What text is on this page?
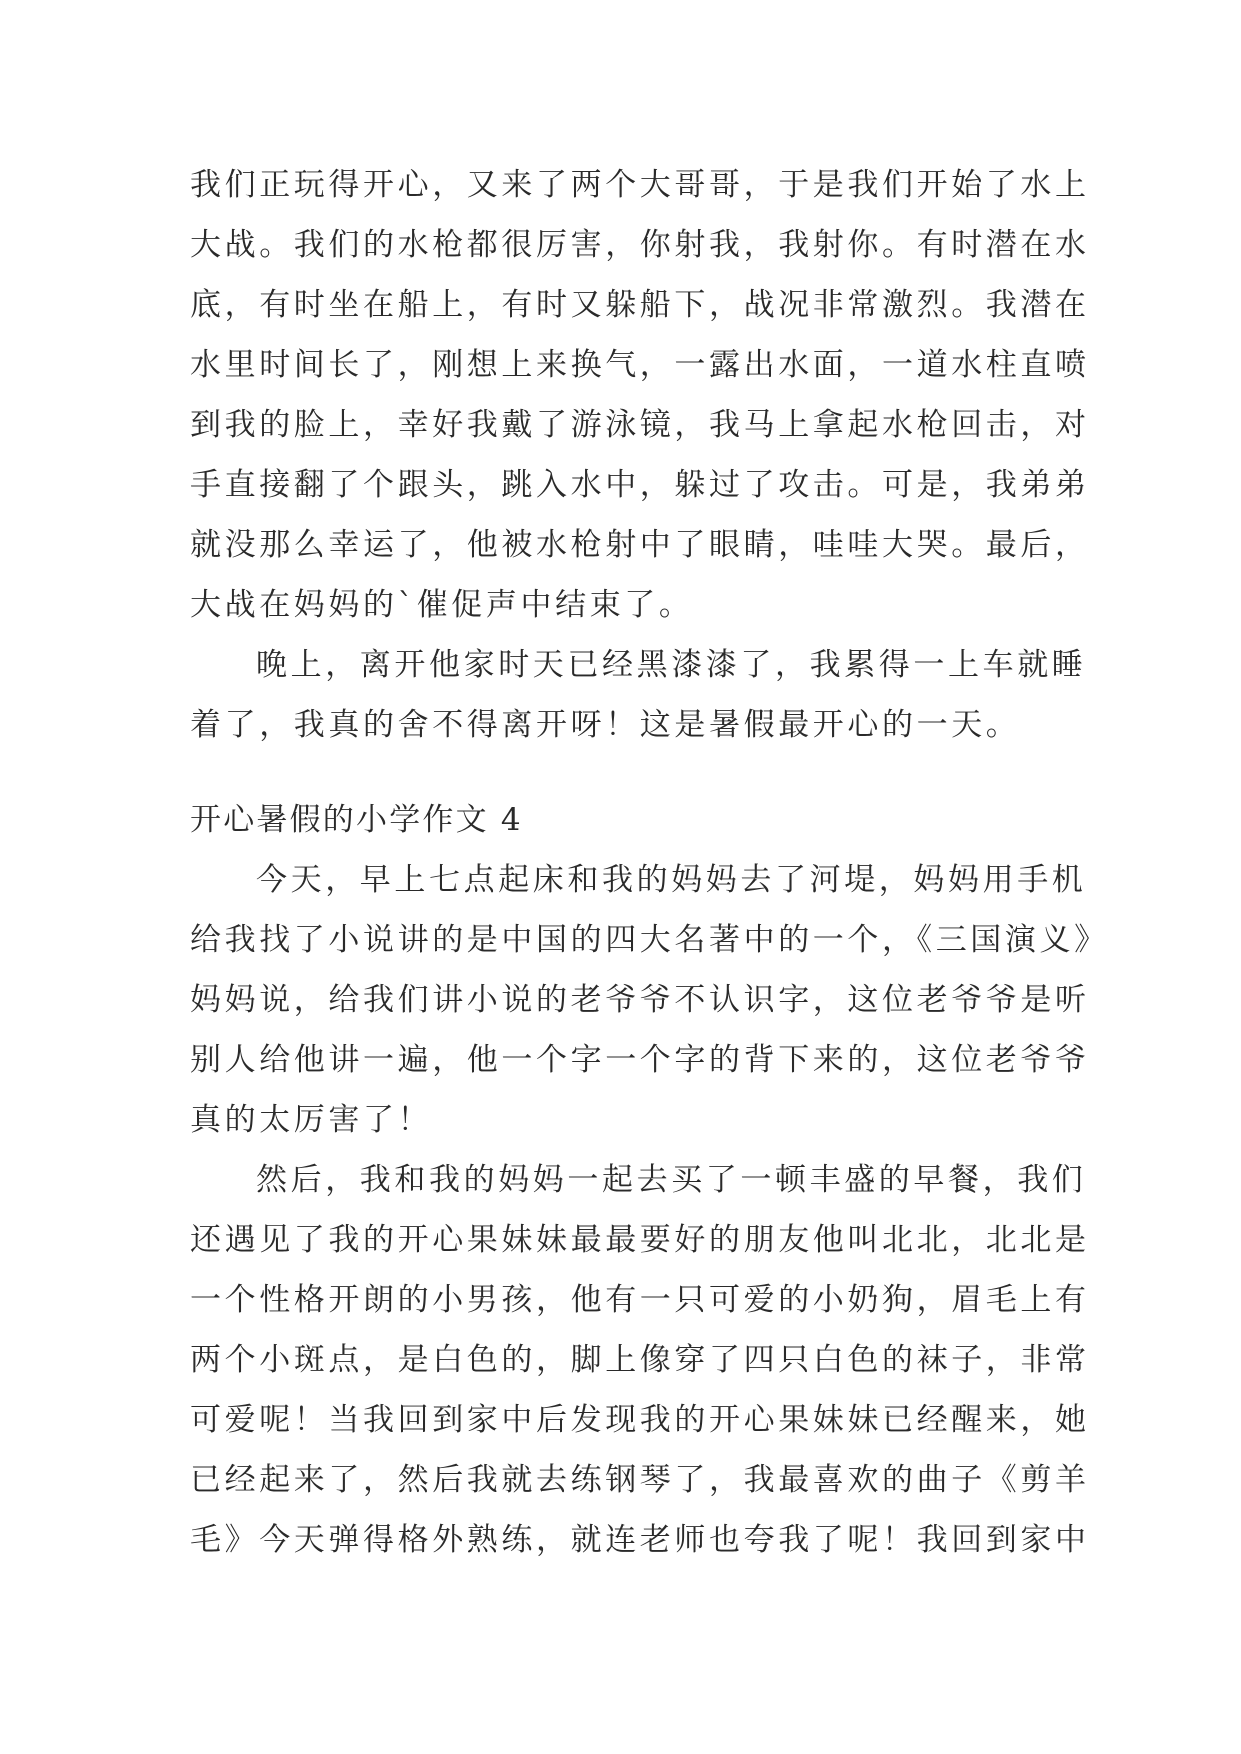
我们正玩得开心，又来了两个大哥哥，于是我们开始了水上
大战。我们的水枪都很厉害，你射我，我射你。有时潜在水
底，有时坐在船上，有时又躲船下，战况非常激烈。我潜在
水里时间长了，刚想上来换气，一露出水面，一道水柱直喷
到我的脸上，幸好我戴了游泳镜，我马上拿起水枪回击，对
手直接翻了个跟头，跳入水中，躲过了攻击。可是，我弟弟
就没那么幸运了，他被水枪射中了眼睛，哇哇大哭。最后，
大战在妈妈的`催促声中结束了。
晚上，离开他家时天已经黑漆漆了，我累得一上车就睡
着了，我真的舍不得离开呀！这是暑假最开心的一天。
开心暑假的小学作文 4
今天，早上七点起床和我的妈妈去了河堤，妈妈用手机
给我找了小说讲的是中国的四大名著中的一个，《三国演义》
妈妈说，给我们讲小说的老爷爷不认识字，这位老爷爷是听
别人给他讲一遍，他一个字一个字的背下来的，这位老爷爷
真的太厉害了！
然后，我和我的妈妈一起去买了一顿丰盛的早餐，我们
还遇见了我的开心果妹妹最最要好的朋友他叫北北，北北是
一个性格开朗的小男孩，他有一只可爱的小奶狗，眉毛上有
两个小斑点，是白色的，脚上像穿了四只白色的袜子，非常
可爱呢！当我回到家中后发现我的开心果妹妹已经醒来，她
已经起来了，然后我就去练钢琴了，我最喜欢的曲子《剪羊
毛》今天弹得格外熟练，就连老师也夸我了呢！我回到家中
